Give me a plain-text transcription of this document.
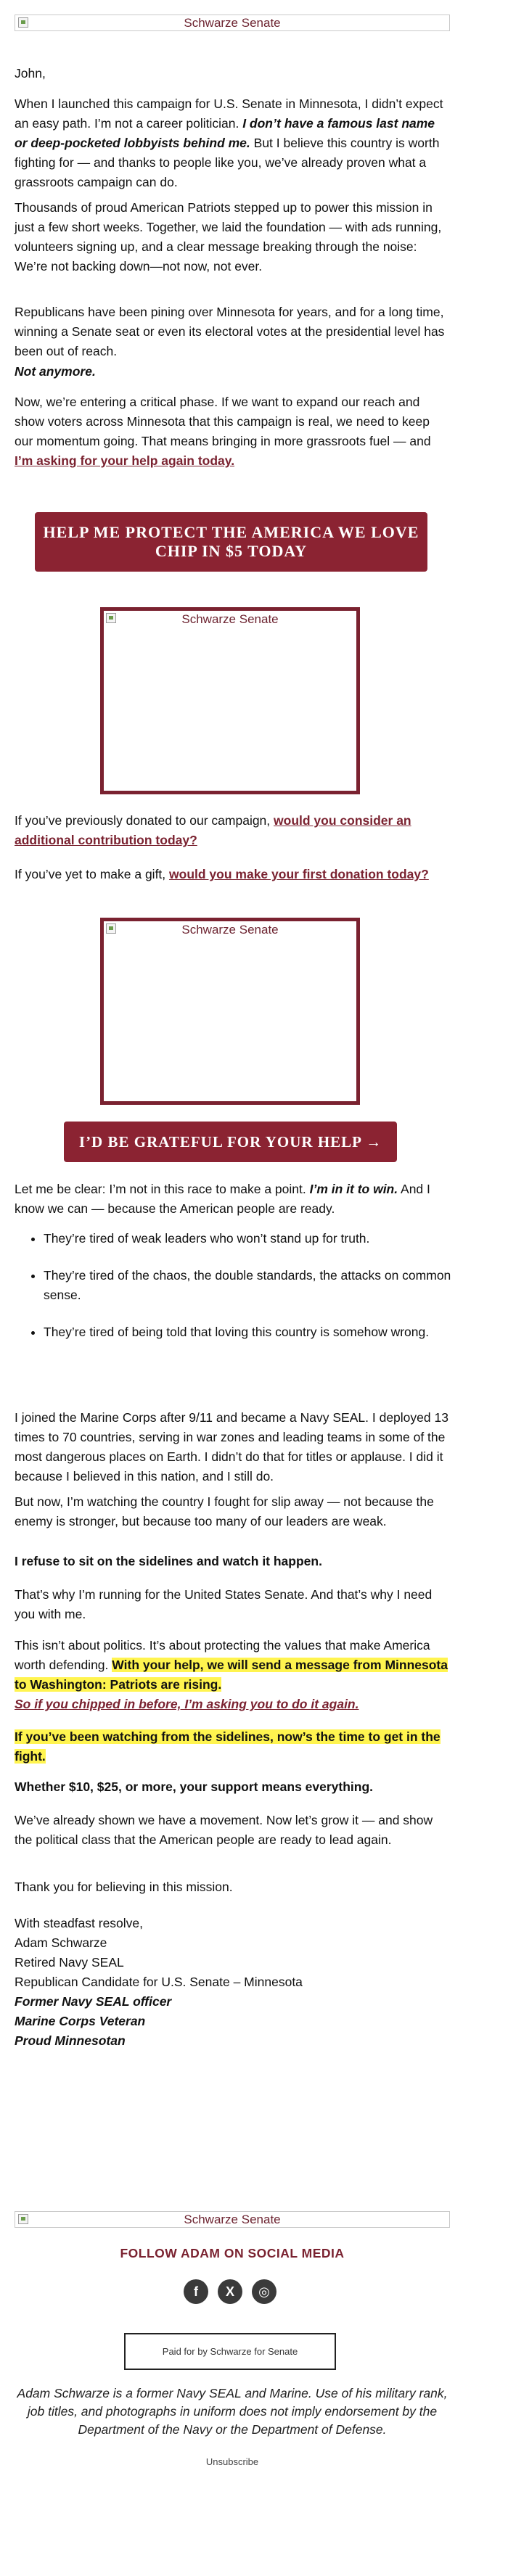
Schwarze Senate

John,

When I launched this campaign for U.S. Senate in Minnesota, I didn’t expect an easy path. I’m not a career politician. I don’t have a famous last name or deep-pocketed lobbyists behind me. But I believe this country is worth fighting for — and thanks to people like you, we’ve already proven what a grassroots campaign can do.

Thousands of proud American Patriots stepped up to power this mission in just a few short weeks. Together, we laid the foundation — with ads running, volunteers signing up, and a clear message breaking through the noise: We’re not backing down—not now, not ever.

Republicans have been pining over Minnesota for years, and for a long time, winning a Senate seat or even its electoral votes at the presidential level has been out of reach.

Not anymore.

Now, we’re entering a critical phase. If we want to expand our reach and show voters across Minnesota that this campaign is real, we need to keep our momentum going. That means bringing in more grassroots fuel — and I’m asking for your help again today.

HELP ME PROTECT THE AMERICA WE LOVE
CHIP IN $5 TODAY
Schwarze Senate

If you’ve previously donated to our campaign, would you consider an additional contribution today?

If you’ve yet to make a gift, would you make your first donation today?

Schwarze Senate
I’D BE GRATEFUL FOR YOUR HELP →

Let me be clear: I’m not in this race to make a point. I’m in it to win. And I know we can — because the American people are ready.

• They’re tired of weak leaders who won’t stand up for truth.
• They’re tired of the chaos, the double standards, the attacks on common sense.
• They’re tired of being told that loving this country is somehow wrong.

I joined the Marine Corps after 9/11 and became a Navy SEAL. I deployed 13 times to 70 countries, serving in war zones and leading teams in some of the most dangerous places on Earth. I didn’t do that for titles or applause. I did it because I believed in this nation, and I still do.

But now, I’m watching the country I fought for slip away — not because the enemy is stronger, but because too many of our leaders are weak.

I refuse to sit on the sidelines and watch it happen.

That’s why I’m running for the United States Senate. And that’s why I need you with me.

This isn’t about politics. It’s about protecting the values that make America worth defending. With your help, we will send a message from Minnesota to Washington: Patriots are rising.

So if you chipped in before, I’m asking you to do it again.

If you’ve been watching from the sidelines, now’s the time to get in the fight.

Whether $10, $25, or more, your support means everything.

We’ve already shown we have a movement. Now let’s grow it — and show the political class that the American people are ready to lead again.

Thank you for believing in this mission.

With steadfast resolve,
Adam Schwarze
Retired Navy SEAL
Republican Candidate for U.S. Senate – Minnesota
Former Navy SEAL officer
Marine Corps Veteran
Proud Minnesotan
Schwarze Senate
FOLLOW ADAM ON SOCIAL MEDIA
f	X	◎
Paid for by Schwarze for Senate
Adam Schwarze is a former Navy SEAL and Marine. Use of his military rank, job titles, and photographs in uniform does not imply endorsement by the Department of the Navy or the Department of Defense.
Unsubscribe
